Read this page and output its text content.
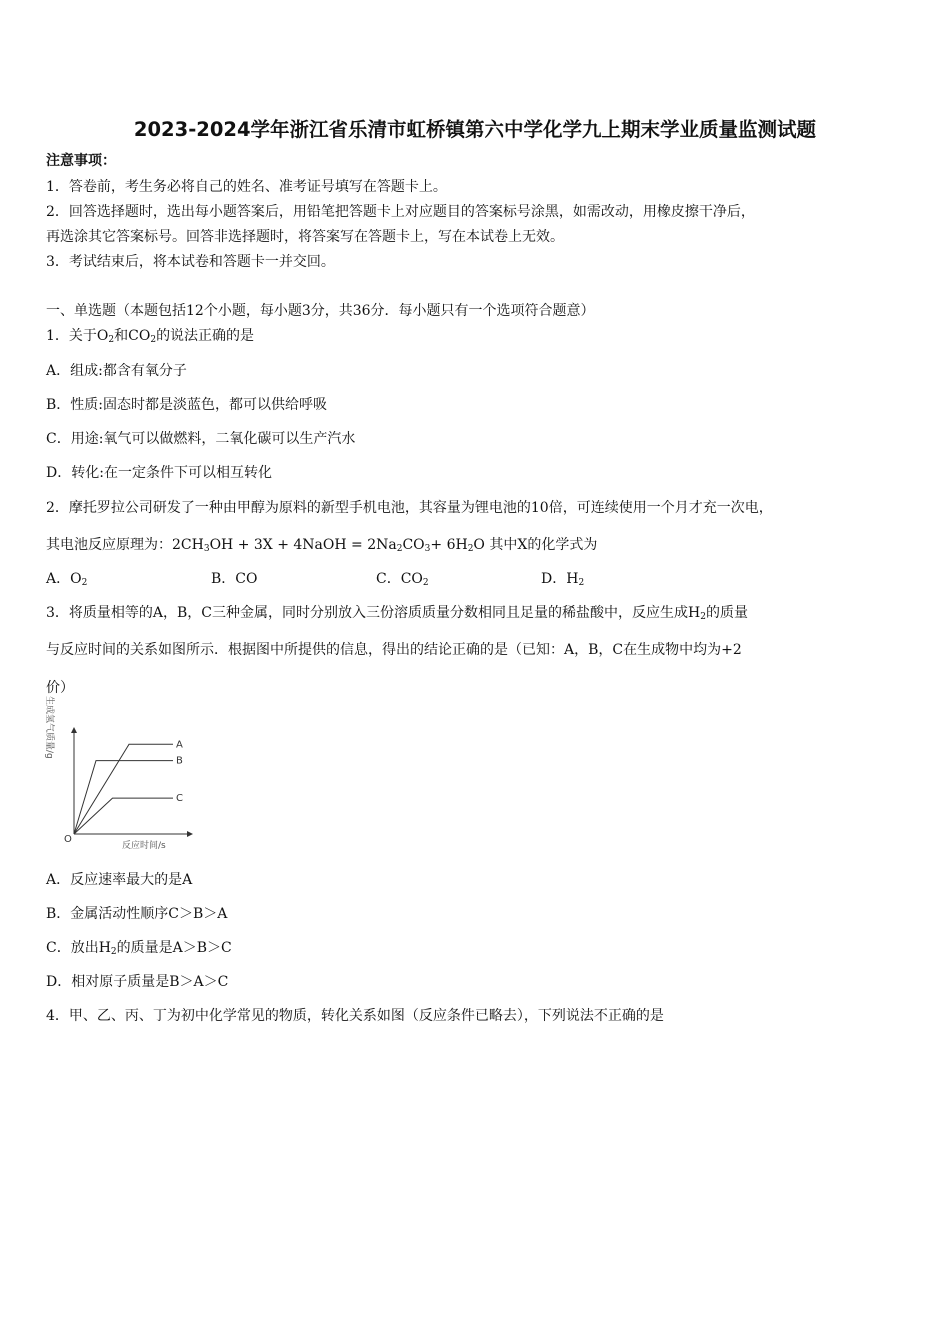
2023-2024学年浙江省乐清市虹桥镇第六中学化学九上期末学业质量监测试题
注意事项：
1．答卷前，考生务必将自己的姓名、准考证号填写在答题卡上。
2．回答选择题时，选出每小题答案后，用铅笔把答题卡上对应题目的答案标号涂黑，如需改动，用橡皮擦干净后，
再选涂其它答案标号。回答非选择题时，将答案写在答题卡上，写在本试卷上无效。
3．考试结束后，将本试卷和答题卡一并交回。
一、单选题（本题包括12个小题，每小题3分，共36分．每小题只有一个选项符合题意）
1．关于$O_2$和$CO_2$的说法正确的是
A．组成:都含有氧分子
B．性质:固态时都是淡蓝色，都可以供给呼吸
C．用途:氧气可以做燃料，二氧化碳可以生产汽水
D．转化:在一定条件下可以相互转化
2．摩托罗拉公司研发了一种由甲醇为原料的新型手机电池，其容量为锂电池的10倍，可连续使用一个月才充一次电，
其电池反应原理为：$2CH_3OH + 3X$ + 4NaOH = $2Na_2CO_3+ 6H_2O$ 其中X的化学式为
A．$O_2$	B．CO	C．$CO_2$	D．$H_2$
3．将质量相等的A，B，C三种金属，同时分别放入三份溶质质量分数相同且足量的稀盐酸中，反应生成$H_2$的质量
与反应时间的关系如图所示．根据图中所提供的信息，得出的结论正确的是（已知：A，B，C在生成物中均为+2
价）
O
生成氢气质量/g
反应时间/s
A
B
C
A．反应速率最大的是A
B．金属活动性顺序C＞B＞A
C．放出$H_2$的质量是A＞B＞C
D．相对原子质量是B＞A＞C
4．甲、乙、丙、丁为初中化学常见的物质，转化关系如图（反应条件已略去），下列说法不正确的是
